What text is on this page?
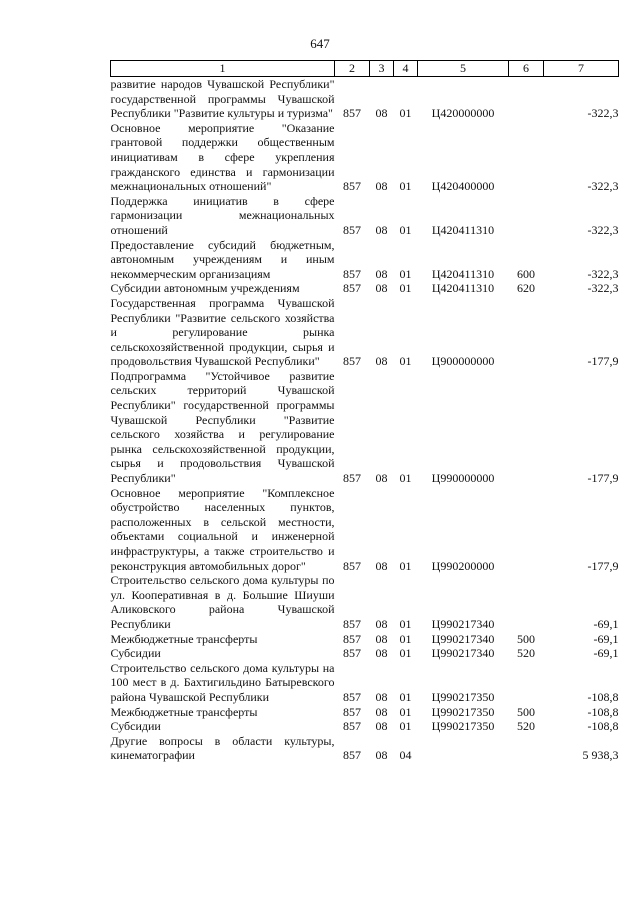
647
1	2	3	4	5	6	7
развитие народов Чувашской Республики" государственной программы Чувашской Республики "Развитие культуры и туризма"	857	08	01	Ц420000000		-322,3
Основное мероприятие "Оказание грантовой поддержки общественным инициативам в сфере укрепления гражданского единства и гармонизации межнациональных отношений"	857	08	01	Ц420400000		-322,3
Поддержка инициатив в сфере гармонизации межнациональных отношений	857	08	01	Ц420411310		-322,3
Предоставление субсидий бюджетным, автономным учреждениям и иным некоммерческим организациям	857	08	01	Ц420411310	600	-322,3
Субсидии автономным учреждениям	857	08	01	Ц420411310	620	-322,3
Государственная программа Чувашской Республики "Развитие сельского хозяйства и регулирование рынка сельскохозяйственной продукции, сырья и продовольствия Чувашской Республики"	857	08	01	Ц900000000		-177,9
Подпрограмма "Устойчивое развитие сельских территорий Чувашской Республики" государственной программы Чувашской Республики "Развитие сельского хозяйства и регулирование рынка сельскохозяйственной продукции, сырья и продовольствия Чувашской Республики"	857	08	01	Ц990000000		-177,9
Основное мероприятие "Комплексное обустройство населенных пунктов, расположенных в сельской местности, объектами социальной и инженерной инфраструктуры, а также строительство и реконструкция автомобильных дорог"	857	08	01	Ц990200000		-177,9
Строительство сельского дома культуры по ул. Кооперативная в д. Большие Шиуши Аликовского района Чувашской Республики	857	08	01	Ц990217340		-69,1
Межбюджетные трансферты	857	08	01	Ц990217340	500	-69,1
Субсидии	857	08	01	Ц990217340	520	-69,1
Строительство сельского дома культуры на 100 мест в д. Бахтигильдино Батыревского района Чувашской Республики	857	08	01	Ц990217350		-108,8
Межбюджетные трансферты	857	08	01	Ц990217350	500	-108,8
Субсидии	857	08	01	Ц990217350	520	-108,8
Другие вопросы в области культуры, кинематографии	857	08	04			5 938,3
